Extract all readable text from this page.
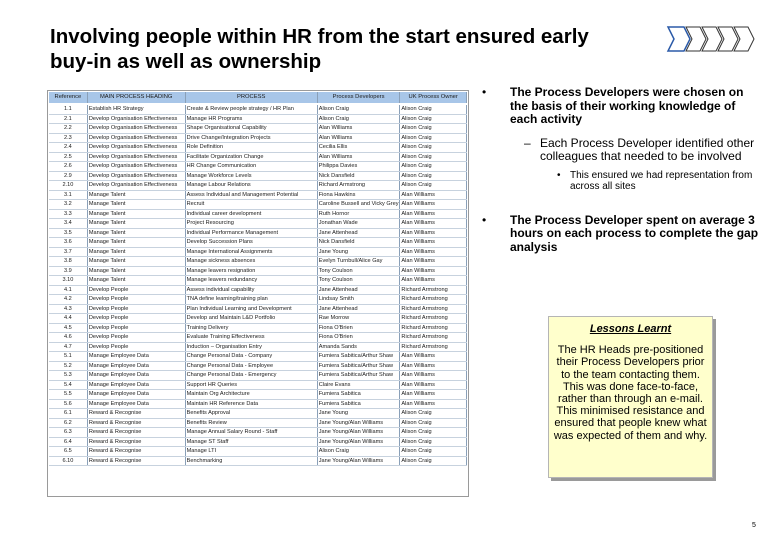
Involving people within HR from the start ensured early
buy-in as well as ownership
Reference	MAIN PROCESS HEADING	PROCESS	Process Developers	UK Process Owner
1.1	Establish HR Strategy	Create & Review people strategy / HR Plan	Alison Craig	Alison Craig
2.1	Develop Organisation Effectiveness	Manage HR Programs	Alison Craig	Alison Craig
2.2	Develop Organisation Effectiveness	Shape Organisational Capability	Alan Williams	Alison Craig
2.3	Develop Organisation Effectiveness	Drive Change/Integration Projects	Alan Williams	Alison Craig
2.4	Develop Organisation Effectiveness	Role Definition	Cecilia Ellis	Alison Craig
2.5	Develop Organisation Effectiveness	Facilitate Organization Change	Alan Williams	Alison Craig
2.6	Develop Organisation Effectiveness	HR Change Communication	Philippa Davies	Alison Craig
2.9	Develop Organisation Effectiveness	Manage Workforce Levels	Nick Dansfield	Alison Craig
2.10	Develop Organisation Effectiveness	Manage Labour Relations	Richard Armstrong	Alison Craig
3.1	Manage Talent	Assess Individual and Management Potential	Fiona Hawkins	Alan Williams
3.2	Manage Talent	Recruit	Caroline Bussell and Vicky Grey	Alan Williams
3.3	Manage Talent	Individual career development	Ruth Hornor	Alan Williams
3.4	Manage Talent	Project Resourcing	Jonathan Wade	Alan Williams
3.5	Manage Talent	Individual Performance Management	Jane Attenhead	Alan Williams
3.6	Manage Talent	Develop Succession Plans	Nick Dansfield	Alan Williams
3.7	Manage Talent	Manage International Assignments	Jane Young	Alan Williams
3.8	Manage Talent	Manage sickness absences	Evelyn Turnbull/Alice Gay	Alan Williams
3.9	Manage Talent	Manage leavers resignation	Tony Coulson	Alan Williams
3.10	Manage Talent	Manage leavers redundancy	Tony Coulson	Alan Williams
4.1	Develop People	Assess individual capability	Jane Attenhead	Richard Armstrong
4.2	Develop People	TNA define learning/training plan	Lindsay Smith	Richard Armstrong
4.3	Develop People	Plan Individual Learning and Development	Jane Attenhead	Richard Armstrong
4.4	Develop People	Develop and Maintain L&D Portfolio	Rae Morrow	Richard Armstrong
4.5	Develop People	Training Delivery	Fiona O'Brien	Richard Armstrong
4.6	Develop People	Evaluate Training Effectiveness	Fiona O'Brien	Richard Armstrong
4.7	Develop People	Induction – Organisation Entry	Amanda Sands	Richard Armstrong
5.1	Manage Employee Data	Change Personal Data - Company	Fumiera Sabitica/Arthur Shaw	Alan Williams
5.2	Manage Employee Data	Change Personal Data - Employee	Fumiera Sabitica/Arthur Shaw	Alan Williams
5.3	Manage Employee Data	Change Personal Data - Emergency	Fumiera Sabitica/Arthur Shaw	Alan Williams
5.4	Manage Employee Data	Support HR Queries	Claire Evans	Alan Williams
5.5	Manage Employee Data	Maintain Org Architecture	Fumiera Sabitica	Alan Williams
5.6	Manage Employee Data	Maintain HR Reference Data	Fumiera Sabitica	Alan Williams
6.1	Reward & Recognise	Benefits Approval	Jane Young	Alison Craig
6.2	Reward & Recognise	Benefits Review	Jane Young/Alan Williams	Alison Craig
6.3	Reward & Recognise	Manage Annual Salary Round - Staff	Jane Young/Alan Williams	Alison Craig
6.4	Reward & Recognise	Manage ST Staff	Jane Young/Alan Williams	Alison Craig
6.5	Reward & Recognise	Manage LTI	Alison Craig	Alison Craig
6.10	Reward & Recognise	Benchmarking	Jane Young/Alan Williams	Alison Craig
• The Process Developers were chosen on the basis of their working knowledge of each activity
– Each Process Developer identified other colleagues that needed to be involved
• This ensured we had representation from across all sites
• The Process Developer spent on average 3 hours on each process to complete the gap analysis
Lessons Learnt
The HR Heads pre-positioned their Process Developers prior to the team contacting them. This was done face-to-face, rather than through an e-mail. This minimised resistance and ensured that people knew what was expected of them and why.
5
